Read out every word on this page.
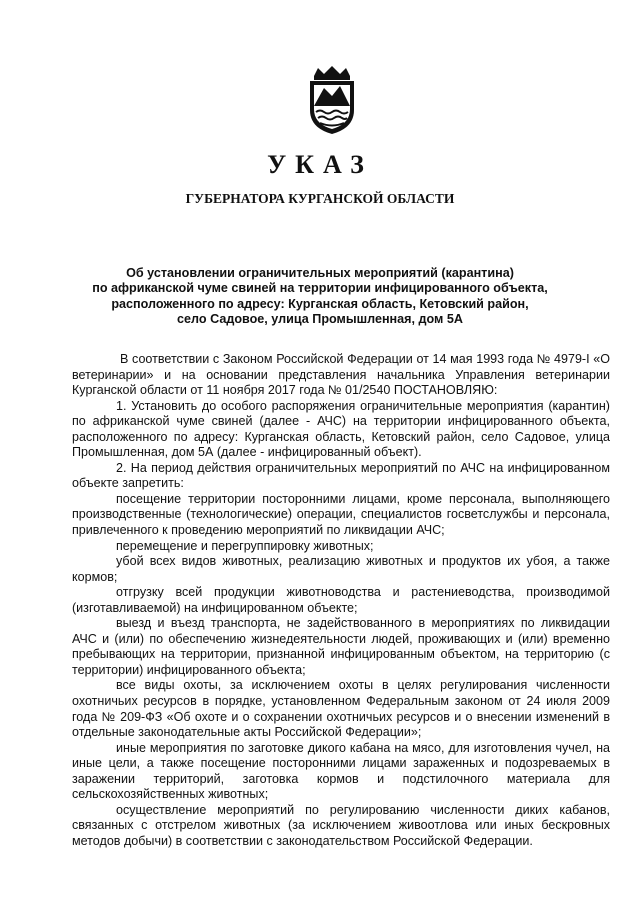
УКАЗ
ГУБЕРНАТОРА КУРГАНСКОЙ ОБЛАСТИ
Об установлении ограничительных мероприятий (карантина)
по африканской чуме свиней на территории инфицированного объекта,
расположенного по адресу: Курганская область, Кетовский район,
село Садовое, улица Промышленная, дом 5А

В соответствии с Законом Российской Федерации от 14 мая 1993 года № 4979-I «О ветеринарии» и на основании представления начальника Управления ветеринарии Курганской области от 11 ноября 2017 года № 01/2540 ПОСТАНОВЛЯЮ:

1. Установить до особого распоряжения ограничительные мероприятия (карантин) по африканской чуме свиней (далее - АЧС) на территории инфицированного объекта, расположенного по адресу: Курганская область, Кетовский район, село Садовое, улица Промышленная, дом 5А (далее - инфицированный объект).

2. На период действия ограничительных мероприятий по АЧС на инфицированном объекте запретить:

посещение территории посторонними лицами, кроме персонала, выполняющего производственные (технологические) операции, специалистов госветслужбы и персонала, привлеченного к проведению мероприятий по ликвидации АЧС;

перемещение и перегруппировку животных;

убой всех видов животных, реализацию животных и продуктов их убоя, а также кормов;

отгрузку всей продукции животноводства и растениеводства, производимой (изготавливаемой) на инфицированном объекте;

выезд и въезд транспорта, не задействованного в мероприятиях по ликвидации АЧС и (или) по обеспечению жизнедеятельности людей, проживающих и (или) временно пребывающих на территории, признанной инфицированным объектом, на территорию (с территории) инфицированного объекта;

все виды охоты, за исключением охоты в целях регулирования численности охотничьих ресурсов в порядке, установленном Федеральным законом от 24 июля 2009 года № 209-ФЗ «Об охоте и о сохранении охотничьих ресурсов и о внесении изменений в отдельные законодательные акты Российской Федерации»;

иные мероприятия по заготовке дикого кабана на мясо, для изготовления чучел, на иные цели, а также посещение посторонними лицами зараженных и подозреваемых в заражении территорий, заготовка кормов и подстилочного материала для сельскохозяйственных животных;

осуществление мероприятий по регулированию численности диких кабанов, связанных с отстрелом животных (за исключением живоотлова или иных бескровных методов добычи) в соответствии с законодательством Российской Федерации.
